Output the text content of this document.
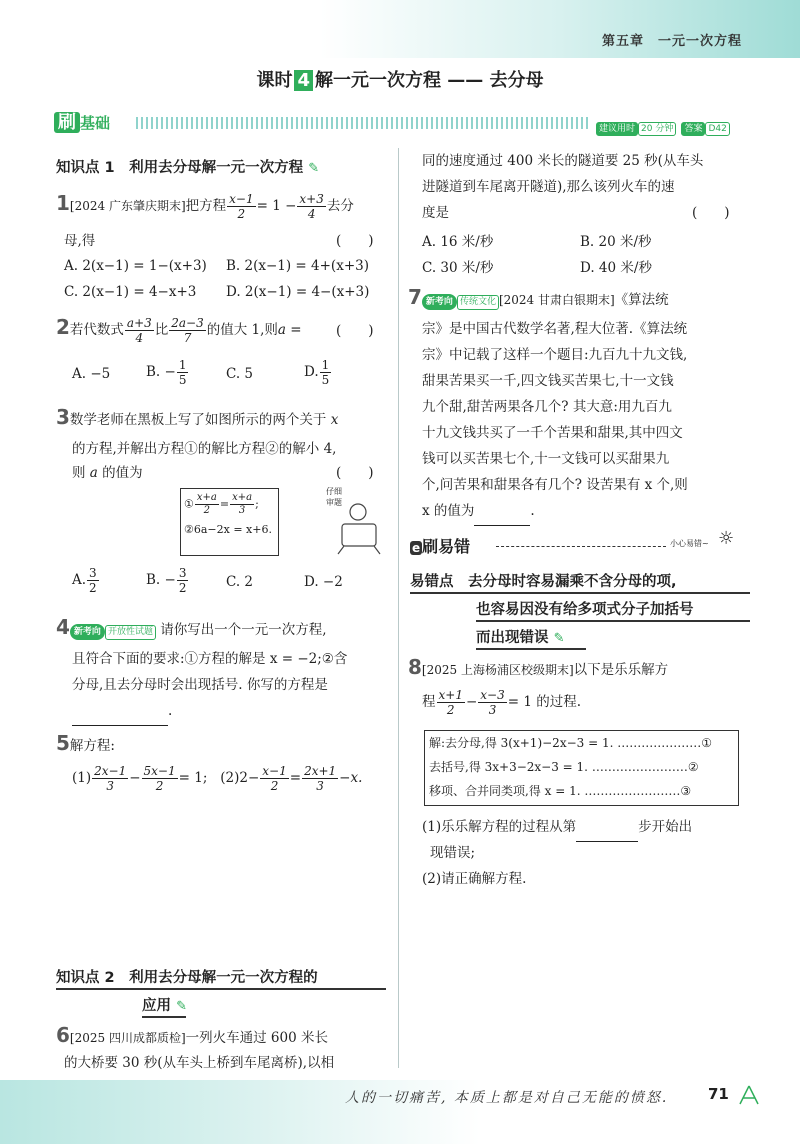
第五章　一元一次方程
课时 4 解一元一次方程 —— 去分母
刷 基础	建议用时 20 分钟 答案 D42
知识点 1　利用去分母解一元一次方程 ✎
1[2024 广东肇庆期末]把方程 $\frac{x-1}{2} = 1 - \frac{x+3}{4}$ 去分
母,得	(　　)
A. 2(x−1) = 1−(x+3) B. 2(x−1) = 4+(x+3)
C. 2(x−1) = 4−x+3 D. 2(x−1) = 4−(x+3)
2若代数式 $\frac{a+3}{4}$ 比 $\frac{2a-3}{7}$ 的值大 1,则a =	(　　)
A. −5	B. − $\frac{1}{5}$	C. 5	D. $\frac{1}{5}$
3数学老师在黑板上写了如图所示的两个关于 x
的方程,并解出方程①的解比方程②的解小 4,
则 a 的值为	(　　)
① $\frac{x+a}{2} = \frac{x+a}{3}$ ;
②6a−2x = x+6.
仔细审题
A. $\frac{3}{2}$	B. − $\frac{3}{2}$	C. 2	D. −2
4 新考向 开放性试题 请你写出一个一元一次方程,
且符合下面的要求:①方程的解是 x = −2;②含
分母,且去分母时会出现括号. 你写的方程是
.
5解方程:
$(1) \frac{2x-1}{3} - \frac{5x-1}{2} = 1$; $(2)2- \frac{x-1}{2} = \frac{2x+1}{3} -x$.
知识点 2　利用去分母解一元一次方程的
应用 ✎
6[2025 四川成都质检]一列火车通过 600 米长
的大桥要 30 秒(从车头上桥到车尾离桥),以相
同的速度通过 400 米长的隧道要 25 秒(从车头
进隧道到车尾离开隧道),那么该列火车的速
度是	(　　)
A. 16 米/秒	B. 20 米/秒
C. 30 米/秒	D. 40 米/秒
7 新考向 传统文化 [2024 甘肃白银期末]《算法统
宗》是中国古代数学名著,程大位著.《算法统
宗》中记载了这样一个题目:九百九十九文钱,
甜果苦果买一千,四文钱买苦果七,十一文钱
九个甜,甜苦两果各几个? 其大意:用九百九
十九文钱共买了一千个苦果和甜果,其中四文
钱可以买苦果七个,十一文钱可以买甜果九
个,问苦果和甜果各有几个? 设苦果有 x 个,则
x 的值为	.
e 刷易错	小心易错~ ☼
易错点　 去分母时容易漏乘不含分母的项,
也容易因没有给多项式分子加括号
而出现错误 ✎
8[2025 上海杨浦区校级期末]以下是乐乐解方
程 $\frac{x+1}{2} - \frac{x-3}{3} = 1$ 的过程.
解:去分母,得 3(x+1)−2x−3 = 1. …………………①
去括号,得 3x+3−2x−3 = 1. ……………………②
移项、合并同类项,得 x = 1. ……………………③
(1)乐乐解方程的过程从第	步开始出
现错误;
(2)请正确解方程.
人的一切痛苦, 本质上都是对自己无能的愤怒.	71
